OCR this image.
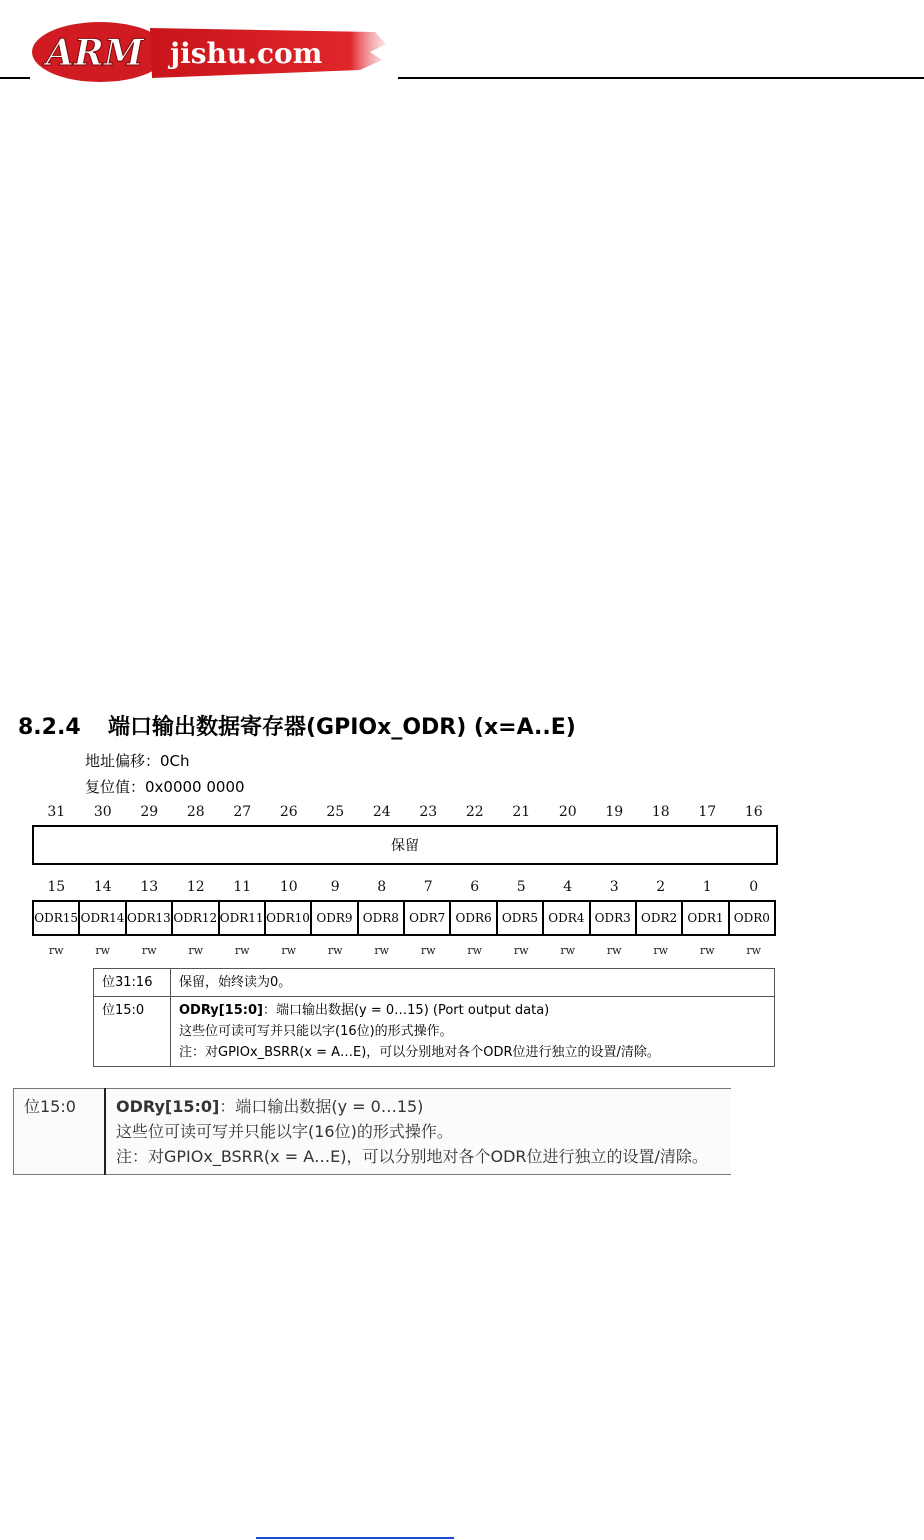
ARM jishu.com
8.2.4 端口输出数据寄存器(GPIOx_ODR) (x=A..E)
地址偏移：0Ch
复位值：0x0000 0000
31	30	29	28	27	26	25	24	23	22	21	20	19	18	17	16
保留
15	14	13	12	11	10	9	8	7	6	5	4	3	2	1	0
ODR15 ODR14 ODR13 ODR12 ODR11 ODR10 ODR9 ODR8 ODR7 ODR6 ODR5 ODR4 ODR3 ODR2 ODR1 ODR0
rw	rw	rw	rw	rw	rw	rw	rw	rw	rw	rw	rw	rw	rw	rw	rw
位31:16	保留，始终读为0。
位15:0	ODRy[15:0]：端口输出数据(y = 0…15) (Port output data)
这些位可读可写并只能以字(16位)的形式操作。
注：对GPIOx_BSRR(x = A…E)，可以分别地对各个ODR位进行独立的设置/清除。
位15:0	ODRy[15:0]：端口输出数据(y = 0…15)
这些位可读可写并只能以字(16位)的形式操作。
注：对GPIOx_BSRR(x = A…E)，可以分别地对各个ODR位进行独立的设置/清除。
